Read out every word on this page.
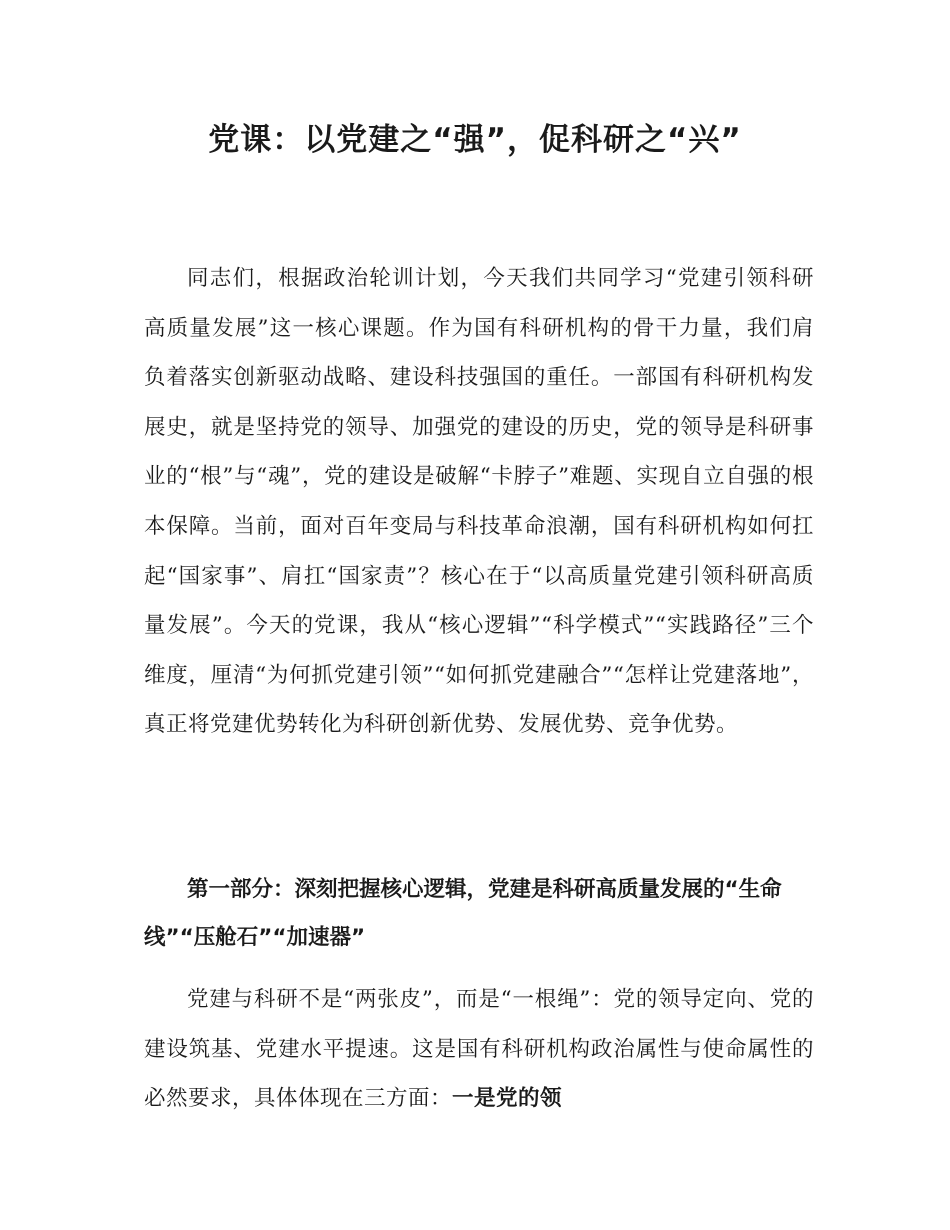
党课：以党建之“强”，促科研之“兴”

同志们，根据政治轮训计划，今天我们共同学习“党建引领科研高质量发展”这一核心课题。作为国有科研机构的骨干力量，我们肩负着落实创新驱动战略、建设科技强国的重任。一部国有科研机构发展史，就是坚持党的领导、加强党的建设的历史，党的领导是科研事业的“根”与“魂”，党的建设是破解“卡脖子”难题、实现自立自强的根本保障。当前，面对百年变局与科技革命浪潮，国有科研机构如何扛起“国家事”、肩扛“国家责”？核心在于“以高质量党建引领科研高质量发展”。今天的党课，我从“核心逻辑”“科学模式”“实践路径”三个维度，厘清“为何抓党建引领”“如何抓党建融合”“怎样让党建落地”，真正将党建优势转化为科研创新优势、发展优势、竞争优势。

第一部分：深刻把握核心逻辑，党建是科研高质量发展的“生命线”“压舱石”“加速器”

党建与科研不是“两张皮”，而是“一根绳”：党的领导定向、党的建设筑基、党建水平提速。这是国有科研机构政治属性与使命属性的必然要求，具体体现在三方面：一是党的领
